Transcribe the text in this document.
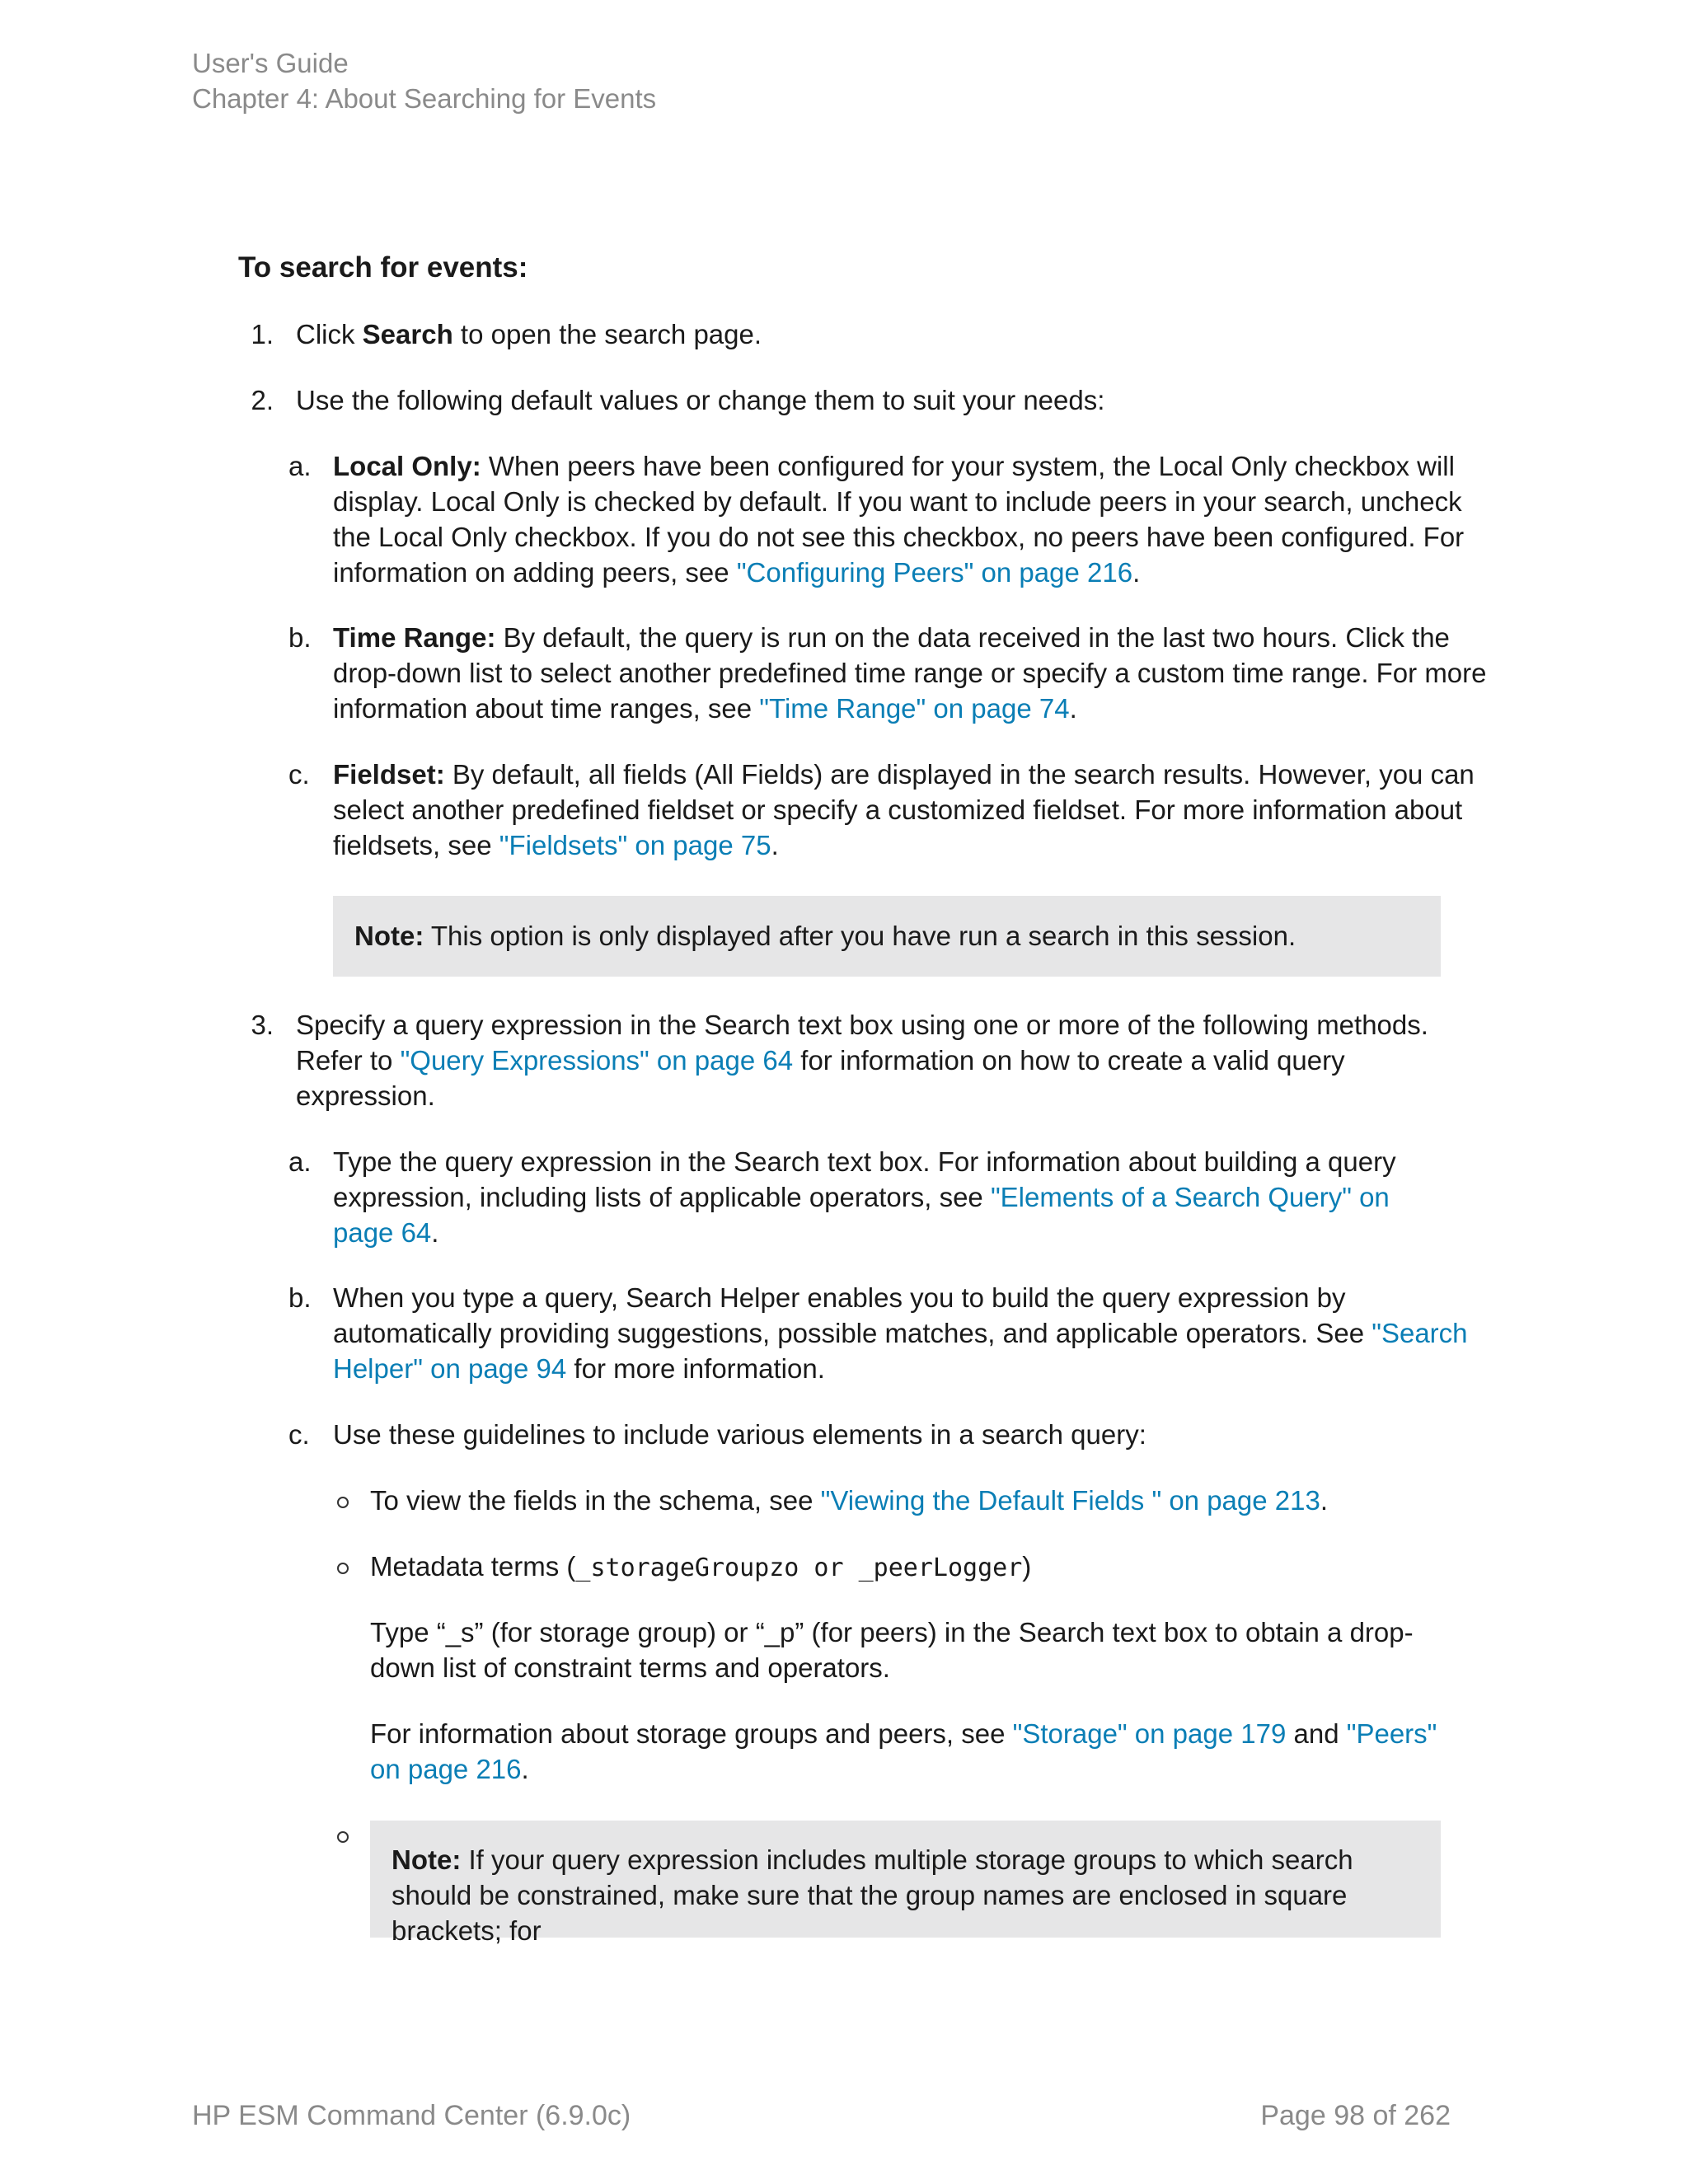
User's Guide
Chapter 4: About Searching for Events
To search for events:
1. Click Search to open the search page.
2. Use the following default values or change them to suit your needs:
a. Local Only: When peers have been configured for your system, the Local Only checkbox will display. Local Only is checked by default. If you want to include peers in your search, uncheck the Local Only checkbox. If you do not see this checkbox, no peers have been configured. For information on adding peers, see "Configuring Peers" on page 216.
b. Time Range: By default, the query is run on the data received in the last two hours. Click the drop-down list to select another predefined time range or specify a custom time range. For more information about time ranges, see "Time Range" on page 74.
c. Fieldset: By default, all fields (All Fields) are displayed in the search results. However, you can select another predefined fieldset or specify a customized fieldset. For more information about fieldsets, see "Fieldsets" on page 75.
Note: This option is only displayed after you have run a search in this session.
3. Specify a query expression in the Search text box using one or more of the following methods. Refer to "Query Expressions" on page 64 for information on how to create a valid query expression.
a. Type the query expression in the Search text box. For information about building a query expression, including lists of applicable operators, see "Elements of a Search Query" on page 64.
b. When you type a query, Search Helper enables you to build the query expression by automatically providing suggestions, possible matches, and applicable operators. See "Search Helper" on page 94 for more information.
c. Use these guidelines to include various elements in a search query:
To view the fields in the schema, see "Viewing the Default Fields " on page 213.
Metadata terms (_storageGroupzo or _peerLogger)
Type “_s” (for storage group) or “_p” (for peers) in the Search text box to obtain a drop-down list of constraint terms and operators.
For information about storage groups and peers, see "Storage" on page 179 and "Peers" on page 216.
Note: If your query expression includes multiple storage groups to which search should be constrained, make sure that the group names are enclosed in square brackets; for
HP ESM Command Center (6.9.0c)	Page 98 of 262
